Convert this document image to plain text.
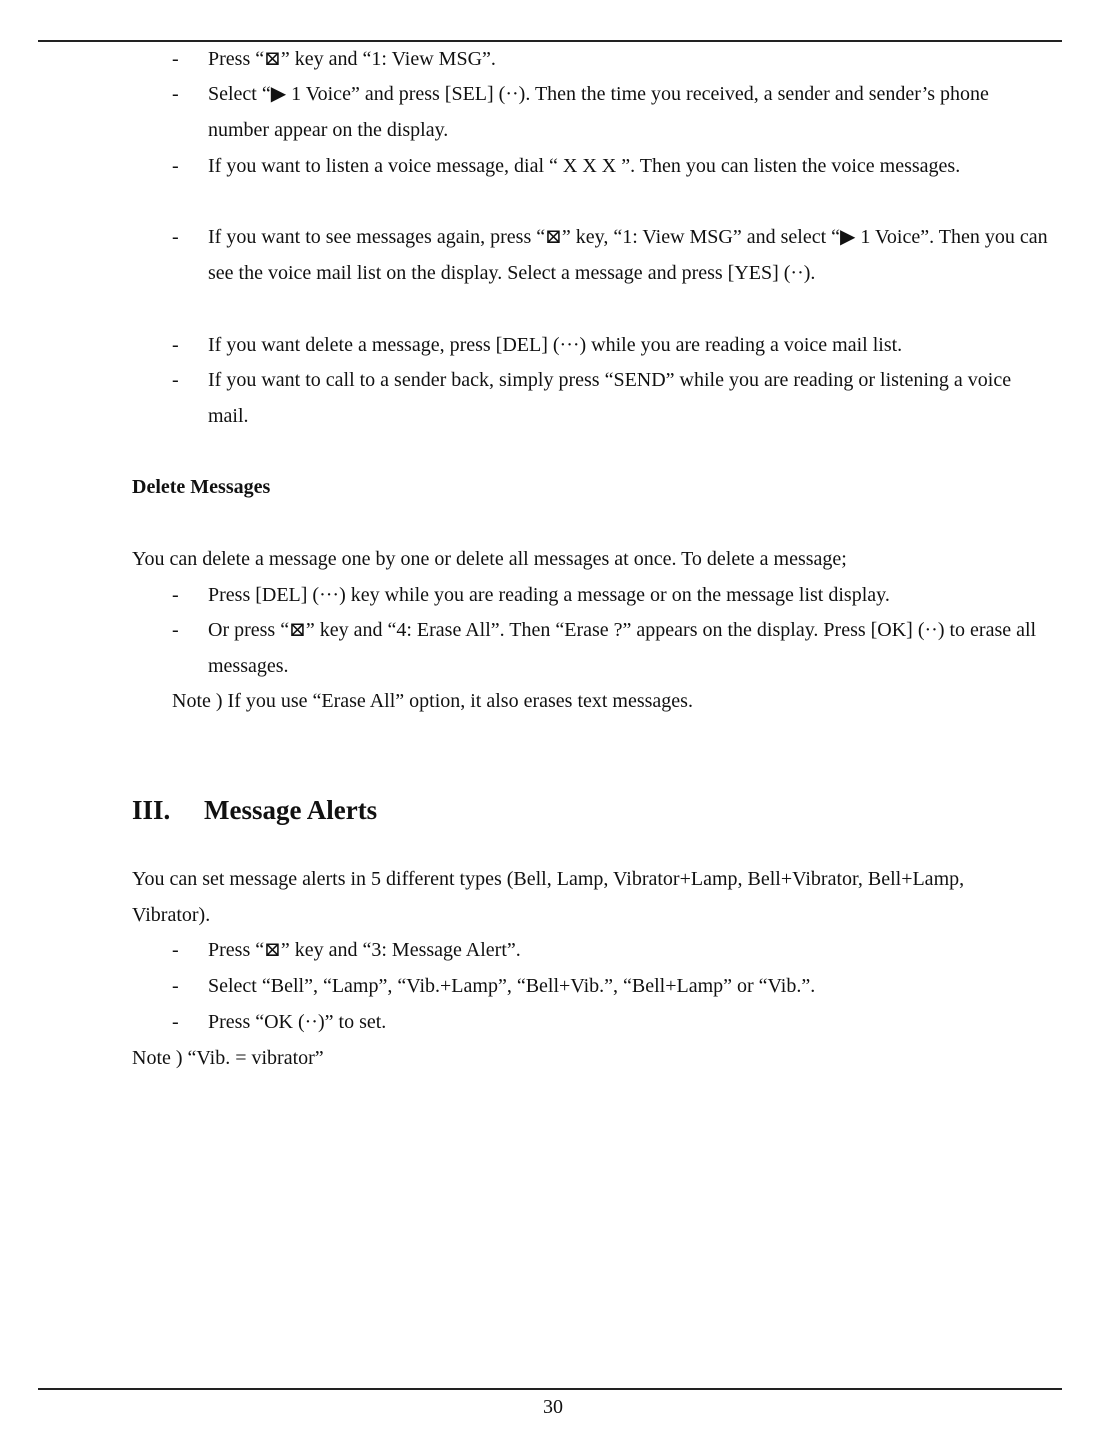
- Press “⊠” key and “1: View MSG”.
- Select “▶ 1 Voice” and press [SEL] (··). Then the time you received, a sender and sender’s phone number appear on the display.
- If you want to listen a voice message, dial “ X X X ”. Then you can listen the voice messages.
- If you want to see messages again, press “⊠” key, “1: View MSG” and select “▶ 1 Voice”. Then you can see the voice mail list on the display. Select a message and press [YES] (··).
- If you want delete a message, press [DEL] (···) while you are reading a voice mail list.
- If you want to call to a sender back, simply press “SEND” while you are reading or listening a voice mail.
Delete Messages
You can delete a message one by one or delete all messages at once. To delete a message;
- Press [DEL] (···) key while you are reading a message or on the message list display.
- Or press “⊠” key and “4: Erase All”. Then “Erase ?” appears on the display. Press [OK] (··) to erase all messages.
Note ) If you use “Erase All” option, it also erases text messages.
III. Message Alerts
You can set message alerts in 5 different types (Bell, Lamp, Vibrator+Lamp, Bell+Vibrator, Bell+Lamp, Vibrator).
- Press “⊠” key and “3: Message Alert”.
- Select “Bell”, “Lamp”, “Vib.+Lamp”, “Bell+Vib.”, “Bell+Lamp” or “Vib.”.
- Press “OK (··)” to set.
Note ) “Vib. = vibrator”
30
